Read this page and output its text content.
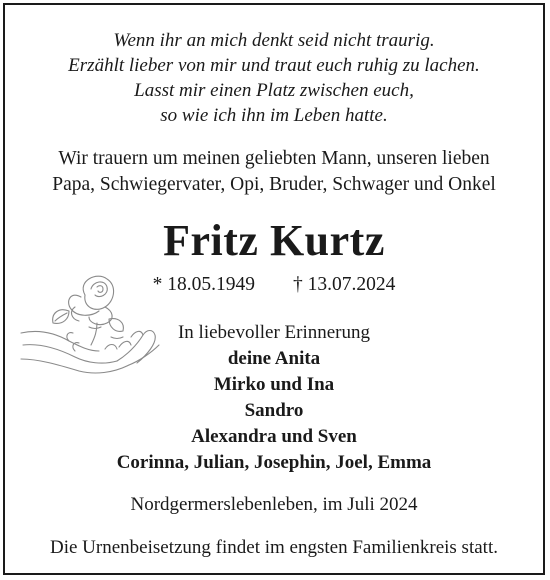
Wenn ihr an mich denkt seid nicht traurig.
Erzählt lieber von mir und traut euch ruhig zu lachen.
Lasst mir einen Platz zwischen euch,
so wie ich ihn im Leben hatte.
Wir trauern um meinen geliebten Mann, unseren lieben
Papa, Schwiegervater, Opi, Bruder, Schwager und Onkel
Fritz Kurtz
* 18.05.1949 † 13.07.2024
In liebevoller Erinnerung
deine Anita
Mirko und Ina
Sandro
Alexandra und Sven
Corinna, Julian, Josephin, Joel, Emma
Nordgermerslebenleben, im Juli 2024
Die Urnenbeisetzung findet im engsten Familienkreis statt.
